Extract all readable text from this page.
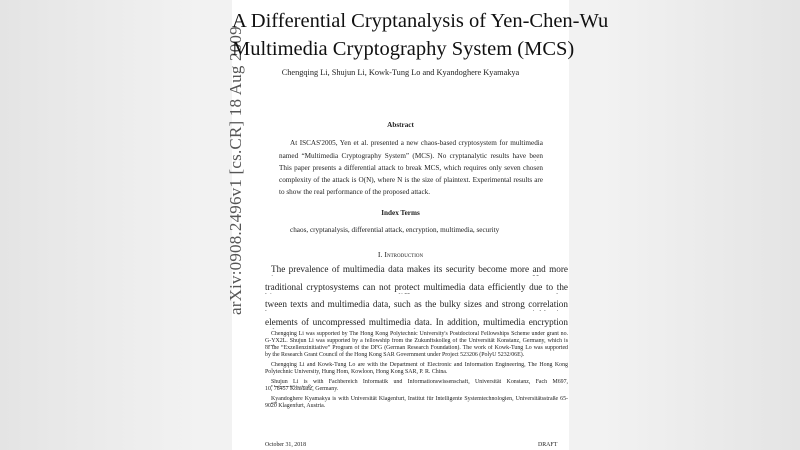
arXiv:0908.2496v1 [cs.CR] 18 Aug 2009
A Differential Cryptanalysis of Yen-Chen-Wu
Multimedia Cryptography System (MCS)
Chengqing Li, Shujun Li, Kowk-Tung Lo and Kyandoghere Kyamakya
Abstract
At ISCAS'2005, Yen et al. presented a new chaos-based cryptosystem for multimedia
named “Multimedia Cryptography System” (MCS). No cryptanalytic results have been
This paper presents a differential attack to break MCS, which requires only seven chosen
complexity of the attack is O(N), where N is the size of plaintext. Experimental results are
to show the real performance of the proposed attack.
Index Terms
chaos, cryptanalysis, differential attack, encryption, multimedia, security
I. Introduction
The prevalence of multimedia data makes its security become more and more
traditional cryptosystems can not protect multimedia data efficiently due to the
tween texts and multimedia data, such as the bulky sizes and strong correlation
elements of uncompressed multimedia data. In addition, multimedia encryption
Chengqing Li was supported by The Hong Kong Polytechnic University's Postdoctoral Fellowships Scheme under grant no.
G-YX2L. Shujun Li was supported by a fellowship from the Zukunftskolleg of the Universität Konstanz, Germany, which is
of the “Exzellenzinitiative” Program of the DFG (German Research Foundation). The work of Kowk-Tung Lo was supported
by the Research Grant Council of the Hong Kong SAR Government under Project 523206 (PolyU 5232/06E).
Chengqing Li and Kowk-Tung Lo are with the Department of Electronic and Information Engineering, The Hong Kong
Polytechnic University, Hung Hom, Kowloon, Hong Kong SAR, P. R. China.
Shujun Li is with Fachbereich Informatik und Informationswissenschaft, Universität Konstanz, Fach M697,
10, 78457 Konstanz, Germany.
Kyandoghere Kyamakya is with Universität Klagenfurt, Institut für Intelligente Systemtechnologien, Universitätsstraße 65-
9020 Klagenfurt, Austria.
October 31, 2018	DRAFT
